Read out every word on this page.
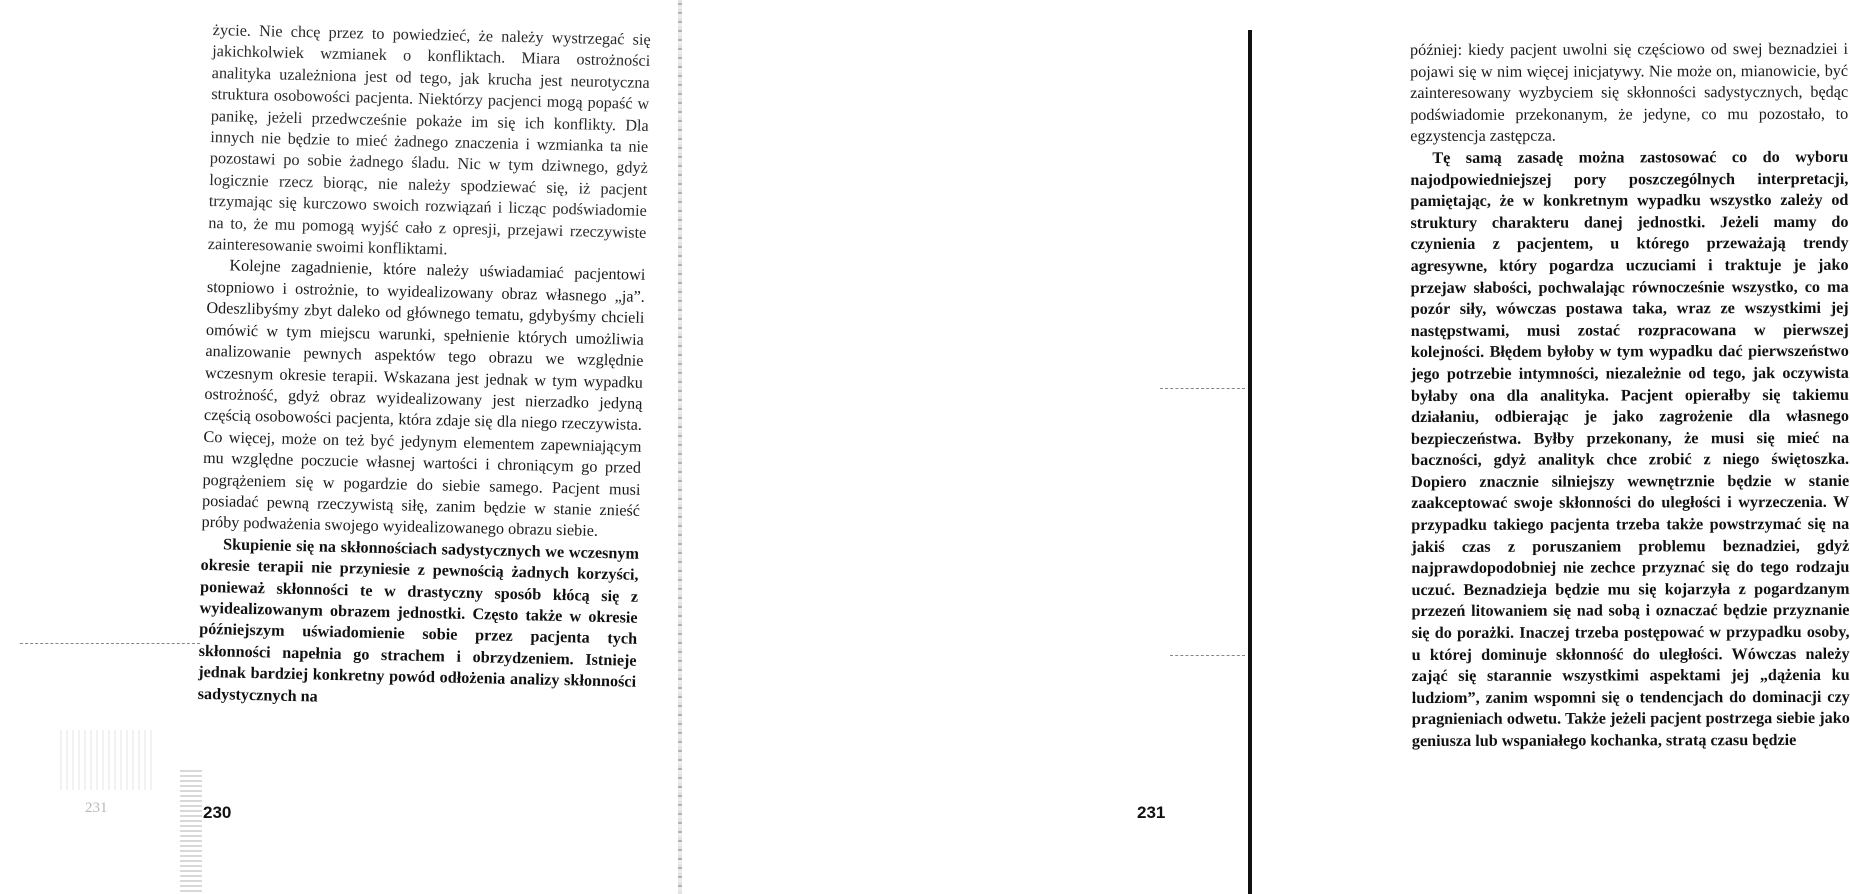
231

życie. Nie chcę przez to powiedzieć, że należy wystrzegać się jakichkolwiek wzmianek o konfliktach. Miara ostrożności analityka uzależniona jest od tego, jak krucha jest neurotyczna struktura osobowości pacjenta. Niektórzy pacjenci mogą popaść w panikę, jeżeli przedwcześnie pokaże im się ich konflikty. Dla innych nie będzie to mieć żadnego znaczenia i wzmianka ta nie pozostawi po sobie żadnego śladu. Nic w tym dziwnego, gdyż logicznie rzecz biorąc, nie należy spodziewać się, iż pacjent trzymając się kurczowo swoich rozwiązań i licząc podświadomie na to, że mu pomogą wyjść cało z opresji, przejawi rzeczywiste zainteresowanie swoimi konfliktami.

Kolejne zagadnienie, które należy uświadamiać pacjentowi stopniowo i ostrożnie, to wyidealizowany obraz własnego „ja”. Odeszlibyśmy zbyt daleko od głównego tematu, gdybyśmy chcieli omówić w tym miejscu warunki, spełnienie których umożliwia analizowanie pewnych aspektów tego obrazu we względnie wczesnym okresie terapii. Wskazana jest jednak w tym wypadku ostrożność, gdyż obraz wyidealizowany jest nierzadko jedyną częścią osobowości pacjenta, która zdaje się dla niego rzeczywista. Co więcej, może on też być jedynym elementem zapewniającym mu względne poczucie własnej wartości i chroniącym go przed pogrążeniem się w pogardzie do siebie samego. Pacjent musi posiadać pewną rzeczywistą siłę, zanim będzie w stanie znieść próby podważenia swojego wyidealizowanego obrazu siebie.

Skupienie się na skłonnościach sadystycznych we wczesnym okresie terapii nie przyniesie z pewnością żadnych korzyści, ponieważ skłonności te w drastyczny sposób kłócą się z wyidealizowanym obrazem jednostki. Często także w okresie późniejszym uświadomienie sobie przez pacjenta tych skłonności napełnia go strachem i obrzydzeniem. Istnieje jednak bardziej konkretny powód odłożenia analizy skłonności sadystycznych na

230

później: kiedy pacjent uwolni się częściowo od swej beznadziei i pojawi się w nim więcej inicjatywy. Nie może on, mianowicie, być zainteresowany wyzbyciem się skłonności sadystycznych, będąc podświadomie przekonanym, że jedyne, co mu pozostało, to egzystencja zastępcza.

Tę samą zasadę można zastosować co do wyboru najodpowiedniejszej pory poszczególnych interpretacji, pamiętając, że w konkretnym wypadku wszystko zależy od struktury charakteru danej jednostki. Jeżeli mamy do czynienia z pacjentem, u którego przeważają trendy agresywne, który pogardza uczuciami i traktuje je jako przejaw słabości, pochwalając równocześnie wszystko, co ma pozór siły, wówczas postawa taka, wraz ze wszystkimi jej następstwami, musi zostać rozpracowana w pierwszej kolejności. Błędem byłoby w tym wypadku dać pierwszeństwo jego potrzebie intymności, niezależnie od tego, jak oczywista byłaby ona dla analityka. Pacjent opierałby się takiemu działaniu, odbierając je jako zagrożenie dla własnego bezpieczeństwa. Byłby przekonany, że musi się mieć na baczności, gdyż analityk chce zrobić z niego świętoszka. Dopiero znacznie silniejszy wewnętrznie będzie w stanie zaakceptować swoje skłonności do uległości i wyrzeczenia. W przypadku takiego pacjenta trzeba także powstrzymać się na jakiś czas z poruszaniem problemu beznadziei, gdyż najprawdopodobniej nie zechce przyznać się do tego rodzaju uczuć. Beznadzieja będzie mu się kojarzyła z pogardzanym przezeń litowaniem się nad sobą i oznaczać będzie przyznanie się do porażki. Inaczej trzeba postępować w przypadku osoby, u której dominuje skłonność do uległości. Wówczas należy zająć się starannie wszystkimi aspektami jej „dążenia ku ludziom”, zanim wspomni się o tendencjach do dominacji czy pragnieniach odwetu. Także jeżeli pacjent postrzega siebie jako geniusza lub wspaniałego kochanka, stratą czasu będzie

231
